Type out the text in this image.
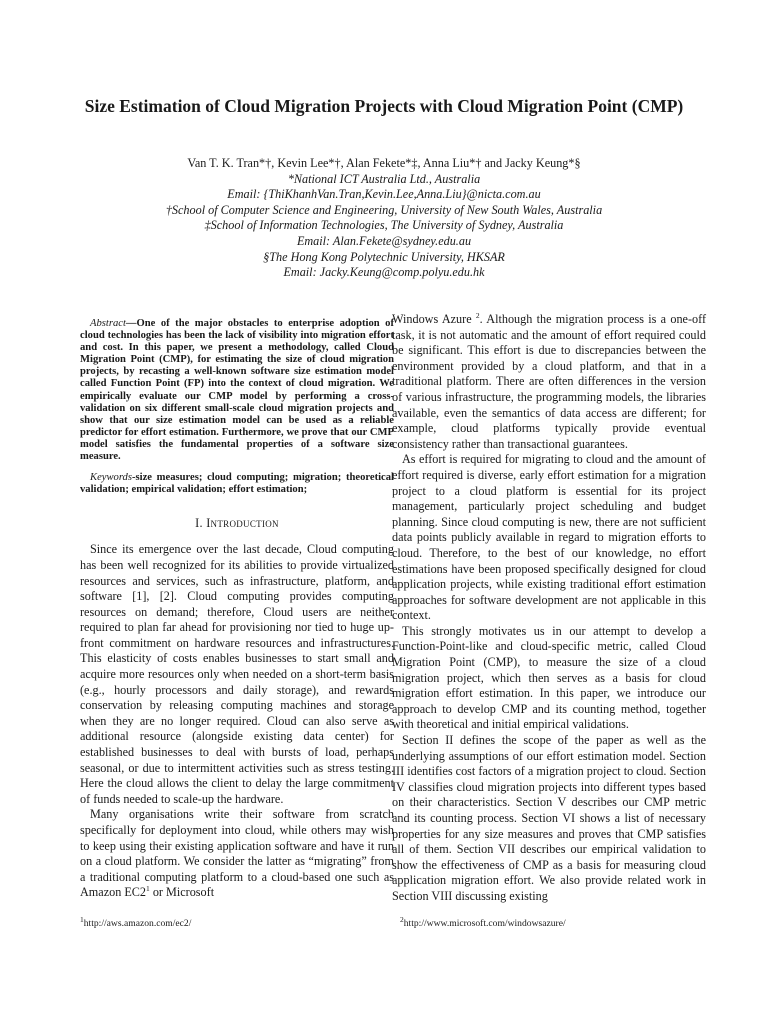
Size Estimation of Cloud Migration Projects with Cloud Migration Point (CMP)
Van T. K. Tran*†, Kevin Lee*†, Alan Fekete*‡, Anna Liu*† and Jacky Keung*§
*National ICT Australia Ltd., Australia
Email: {ThiKhanhVan.Tran,Kevin.Lee,Anna.Liu}@nicta.com.au
†School of Computer Science and Engineering, University of New South Wales, Australia
‡School of Information Technologies, The University of Sydney, Australia
Email: Alan.Fekete@sydney.edu.au
§The Hong Kong Polytechnic University, HKSAR
Email: Jacky.Keung@comp.polyu.edu.hk

Abstract—One of the major obstacles to enterprise adoption of cloud technologies has been the lack of visibility into migration effort and cost. In this paper, we present a methodology, called Cloud Migration Point (CMP), for estimating the size of cloud migration projects, by recasting a well-known software size estimation model called Function Point (FP) into the context of cloud migration. We empirically evaluate our CMP model by performing a cross-validation on six different small-scale cloud migration projects and show that our size estimation model can be used as a reliable predictor for effort estimation. Furthermore, we prove that our CMP model satisfies the fundamental properties of a software size measure.

Keywords-size measures; cloud computing; migration; theoretical validation; empirical validation; effort estimation;

I. Introduction

Since its emergence over the last decade, Cloud computing has been well recognized for its abilities to provide virtualized resources and services, such as infrastructure, platform, and software [1], [2]. Cloud computing provides computing resources on demand; therefore, Cloud users are neither required to plan far ahead for provisioning nor tied to huge up-front commitment on hardware resources and infrastructures. This elasticity of costs enables businesses to start small and acquire more resources only when needed on a short-term basis (e.g., hourly processors and daily storage), and rewards conservation by releasing computing machines and storage when they are no longer required. Cloud can also serve as additional resource (alongside existing data center) for established businesses to deal with bursts of load, perhaps seasonal, or due to intermittent activities such as stress testing. Here the cloud allows the client to delay the large commitment of funds needed to scale-up the hardware.

Many organisations write their software from scratch specifically for deployment into cloud, while others may wish to keep using their existing application software and have it run on a cloud platform. We consider the latter as “migrating” from a traditional computing platform to a cloud-based one such as Amazon $EC2^1$ or Microsoft

Windows Azure $^2$. Although the migration process is a one-off task, it is not automatic and the amount of effort required could be significant. This effort is due to discrepancies between the environment provided by a cloud platform, and that in a traditional platform. There are often differences in the version of various infrastructure, the programming models, the libraries available, even the semantics of data access are different; for example, cloud platforms typically provide eventual consistency rather than transactional guarantees.

As effort is required for migrating to cloud and the amount of effort required is diverse, early effort estimation for a migration project to a cloud platform is essential for its project management, particularly project scheduling and budget planning. Since cloud computing is new, there are not sufficient data points publicly available in regard to migration efforts to cloud. Therefore, to the best of our knowledge, no effort estimations have been proposed specifically designed for cloud application projects, while existing traditional effort estimation approaches for software development are not applicable in this context.

This strongly motivates us in our attempt to develop a Function-Point-like and cloud-specific metric, called Cloud Migration Point (CMP), to measure the size of a cloud migration project, which then serves as a basis for cloud migration effort estimation. In this paper, we introduce our approach to develop CMP and its counting method, together with theoretical and initial empirical validations.

Section II defines the scope of the paper as well as the underlying assumptions of our effort estimation model. Section III identifies cost factors of a migration project to cloud. Section IV classifies cloud migration projects into different types based on their characteristics. Section V describes our CMP metric and its counting process. Section VI shows a list of necessary properties for any size measures and proves that CMP satisfies all of them. Section VII describes our empirical validation to show the effectiveness of CMP as a basis for measuring cloud application migration effort. We also provide related work in Section VIII discussing existing

$^1$http://aws.amazon.com/ec2/	$^2$http://www.microsoft.com/windowsazure/
